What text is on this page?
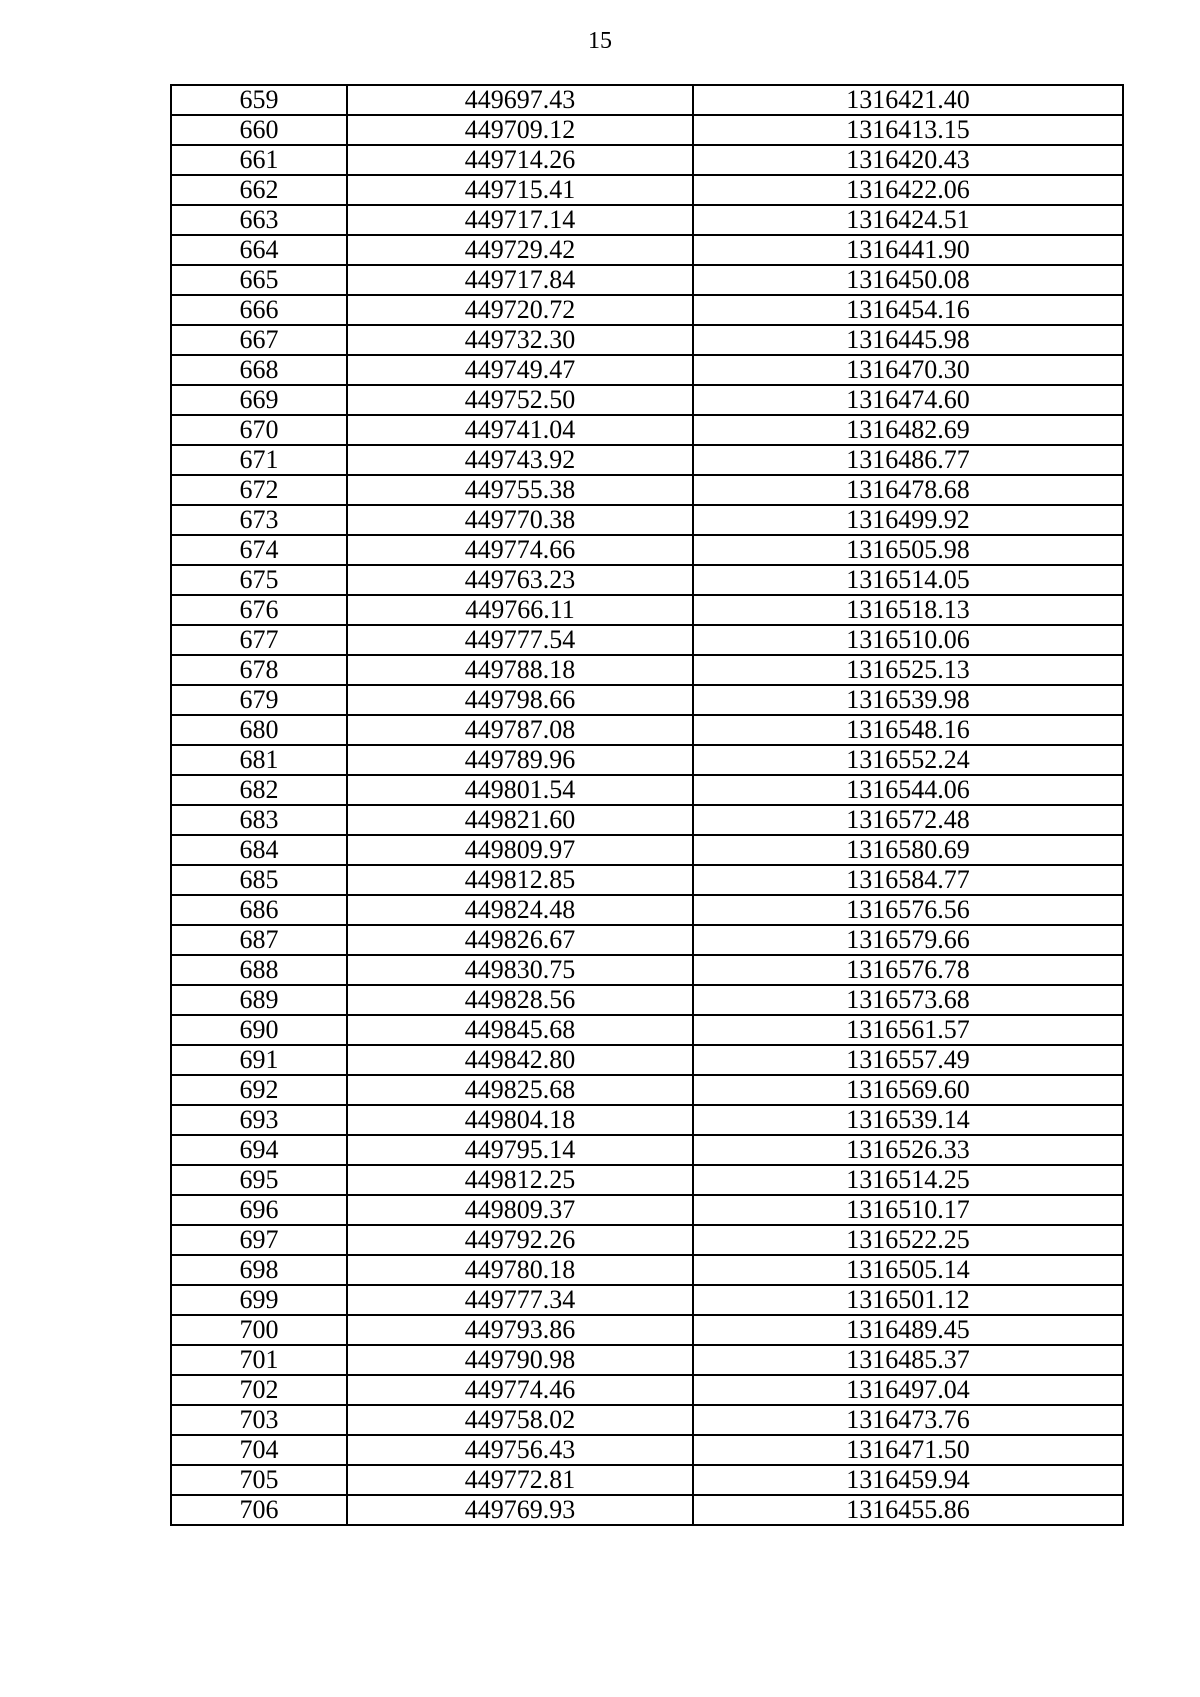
15
659	449697.43	1316421.40
660	449709.12	1316413.15
661	449714.26	1316420.43
662	449715.41	1316422.06
663	449717.14	1316424.51
664	449729.42	1316441.90
665	449717.84	1316450.08
666	449720.72	1316454.16
667	449732.30	1316445.98
668	449749.47	1316470.30
669	449752.50	1316474.60
670	449741.04	1316482.69
671	449743.92	1316486.77
672	449755.38	1316478.68
673	449770.38	1316499.92
674	449774.66	1316505.98
675	449763.23	1316514.05
676	449766.11	1316518.13
677	449777.54	1316510.06
678	449788.18	1316525.13
679	449798.66	1316539.98
680	449787.08	1316548.16
681	449789.96	1316552.24
682	449801.54	1316544.06
683	449821.60	1316572.48
684	449809.97	1316580.69
685	449812.85	1316584.77
686	449824.48	1316576.56
687	449826.67	1316579.66
688	449830.75	1316576.78
689	449828.56	1316573.68
690	449845.68	1316561.57
691	449842.80	1316557.49
692	449825.68	1316569.60
693	449804.18	1316539.14
694	449795.14	1316526.33
695	449812.25	1316514.25
696	449809.37	1316510.17
697	449792.26	1316522.25
698	449780.18	1316505.14
699	449777.34	1316501.12
700	449793.86	1316489.45
701	449790.98	1316485.37
702	449774.46	1316497.04
703	449758.02	1316473.76
704	449756.43	1316471.50
705	449772.81	1316459.94
706	449769.93	1316455.86
